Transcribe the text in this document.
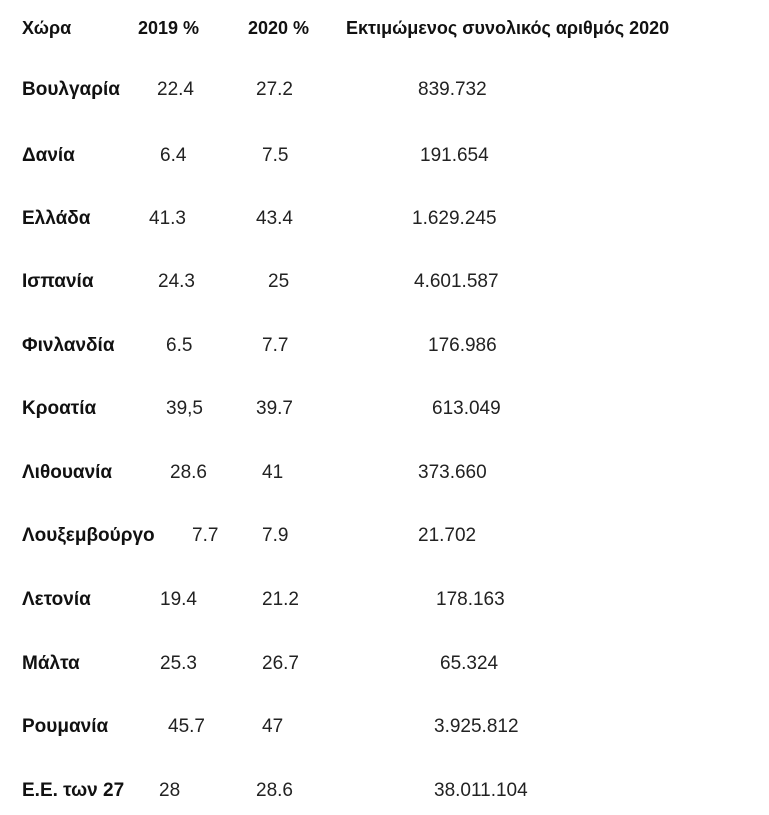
Χώρα	2019 %	2020 % Εκτιμώμενος συνολικός αριθμός 2020
Βουλγαρία 22.4	27.2	839.732
Δανία	6.4	7.5	191.654
Ελλάδα	41.3	43.4	1.629.245
Ισπανία	24.3	25	4.601.587
Φινλανδία	6.5	7.7	176.986
Κροατία	39,5	39.7	613.049
Λιθουανία	28.6	41	373.660
Λουξεμβούργο 7.7 7.9	21.702
Λετονία	19.4	21.2	178.163
Μάλτα	25.3	26.7	65.324
Ρουμανία	45.7	47	3.925.812
Ε.Ε. των 27 28	28.6	38.011.104
